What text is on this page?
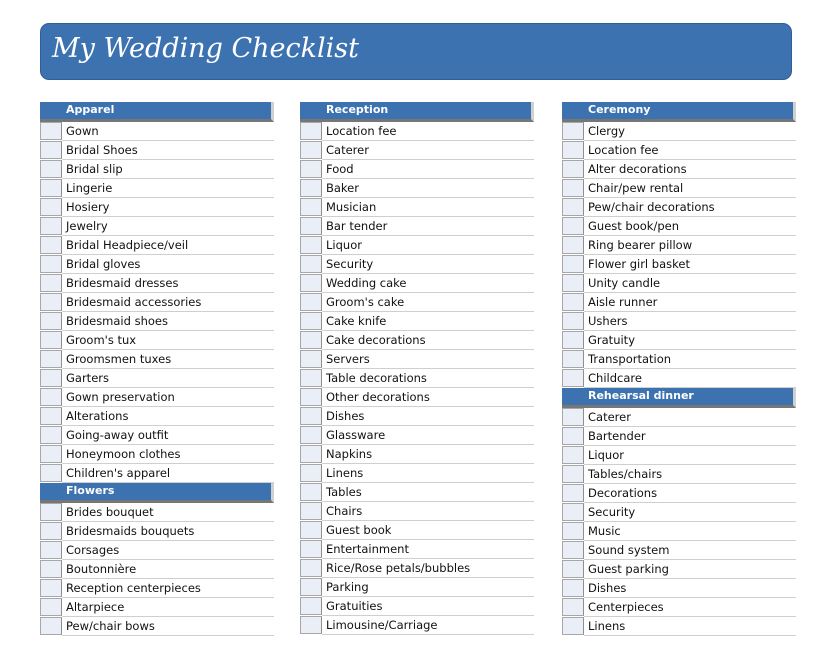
My Wedding Checklist
Apparel
Gown
Bridal Shoes
Bridal slip
Lingerie
Hosiery
Jewelry
Bridal Headpiece/veil
Bridal gloves
Bridesmaid dresses
Bridesmaid accessories
Bridesmaid shoes
Groom's tux
Groomsmen tuxes
Garters
Gown preservation
Alterations
Going-away outfit
Honeymoon clothes
Children's apparel
Flowers
Brides bouquet
Bridesmaids bouquets
Corsages
Boutonnière
Reception centerpieces
Altarpiece
Pew/chair bows
Reception
Location fee
Caterer
Food
Baker
Musician
Bar tender
Liquor
Security
Wedding cake
Groom's cake
Cake knife
Cake decorations
Servers
Table decorations
Other decorations
Dishes
Glassware
Napkins
Linens
Tables
Chairs
Guest book
Entertainment
Rice/Rose petals/bubbles
Parking
Gratuities
Limousine/Carriage
Ceremony
Clergy
Location fee
Alter decorations
Chair/pew rental
Pew/chair decorations
Guest book/pen
Ring bearer pillow
Flower girl basket
Unity candle
Aisle runner
Ushers
Gratuity
Transportation
Childcare
Rehearsal dinner
Caterer
Bartender
Liquor
Tables/chairs
Decorations
Security
Music
Sound system
Guest parking
Dishes
Centerpieces
Linens
